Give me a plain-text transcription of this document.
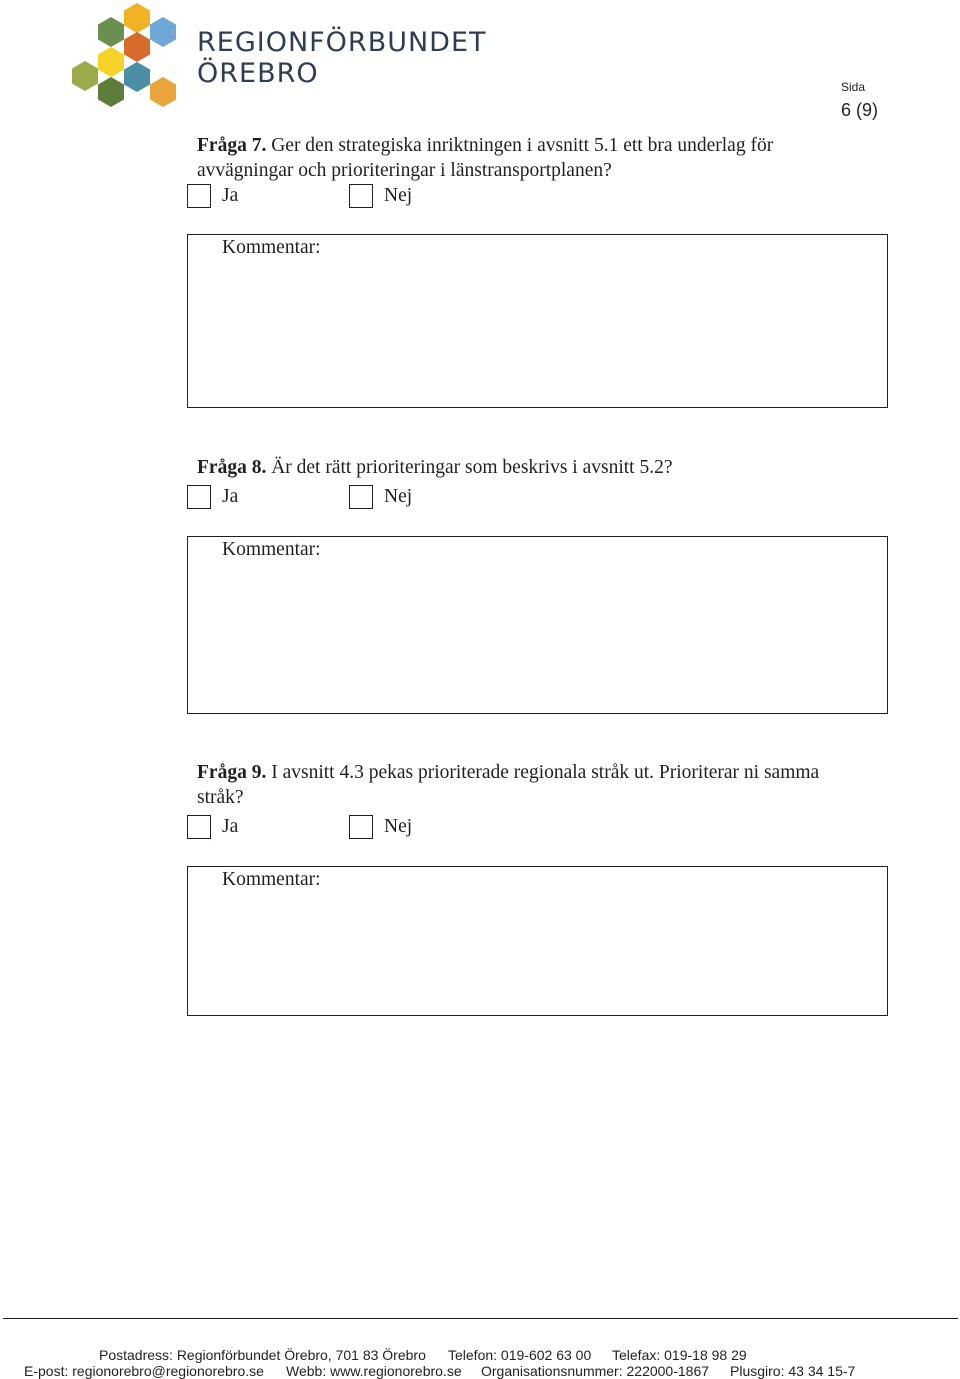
REGIONFÖRBUNDET
ÖREBRO	Sida
6 (9)
Fråga 7. Ger den strategiska inriktningen i avsnitt 5.1 ett bra underlag för avvägningar och prioriteringar i länstransportplanen?
Ja	Nej
Kommentar:
Fråga 8. Är det rätt prioriteringar som beskrivs i avsnitt 5.2?
Ja	Nej
Kommentar:
Fråga 9. I avsnitt 4.3 pekas prioriterade regionala stråk ut. Prioriterar ni samma stråk?
Ja	Nej
Kommentar:
Postadress: Regionförbundet Örebro, 701 83 Örebro Telefon: 019-602 63 00 Telefax: 019-18 98 29
E-post: regionorebro@regionorebro.se Webb: www.regionorebro.se Organisationsnummer: 222000-1867 Plusgiro: 43 34 15-7
